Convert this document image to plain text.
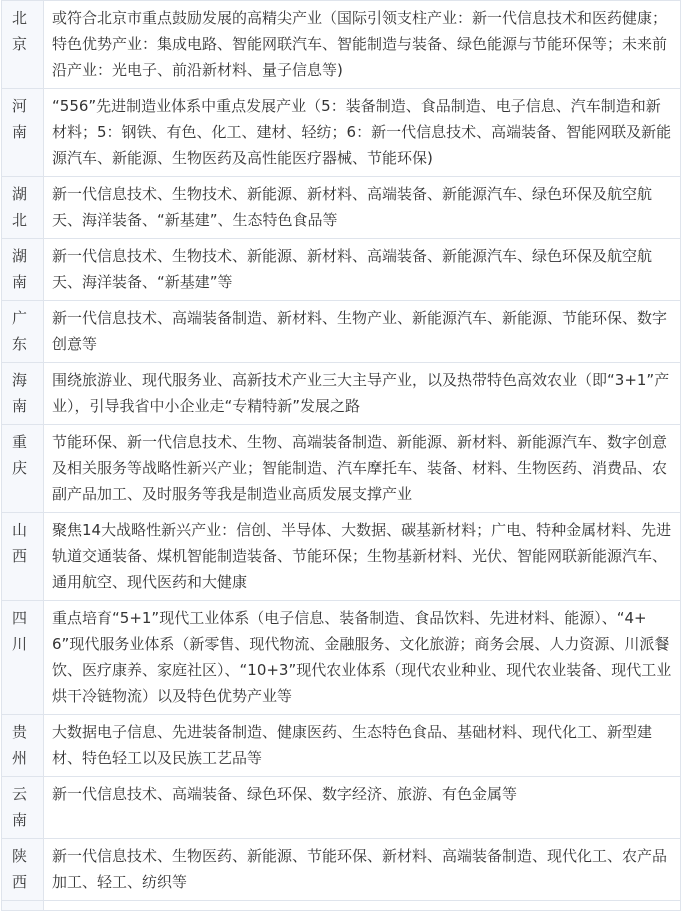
北京	或符合北京市重点鼓励发展的高精尖产业（国际引领支柱产业：新一代信息技术和医药健康；特色优势产业：集成电路、智能网联汽车、智能制造与装备、绿色能源与节能环保等；未来前沿产业：光电子、前沿新材料、量子信息等)

河南	“556”先进制造业体系中重点发展产业（5：装备制造、食品制造、电子信息、汽车制造和新材料；5：钢铁、有色、化工、建材、轻纺；6：新一代信息技术、高端装备、智能网联及新能源汽车、新能源、生物医药及高性能医疗器械、节能环保)

湖北	新一代信息技术、生物技术、新能源、新材料、高端装备、新能源汽车、绿色环保及航空航天、海洋装备、“新基建”、生态特色食品等

湖南	新一代信息技术、生物技术、新能源、新材料、高端装备、新能源汽车、绿色环保及航空航天、海洋装备、“新基建”等

广东	新一代信息技术、高端装备制造、新材料、生物产业、新能源汽车、新能源、节能环保、数字创意等

海南	围绕旅游业、现代服务业、高新技术产业三大主导产业，以及热带特色高效农业（即“3+1”产业），引导我省中小企业走“专精特新”发展之路

重庆	节能环保、新一代信息技术、生物、高端装备制造、新能源、新材料、新能源汽车、数字创意及相关服务等战略性新兴产业；智能制造、汽车摩托车、装备、材料、生物医药、消费品、农副产品加工、及时服务等我是制造业高质发展支撑产业

山西	聚焦14大战略性新兴产业：信创、半导体、大数据、碳基新材料；广电、特种金属材料、先进轨道交通装备、煤机智能制造装备、节能环保；生物基新材料、光伏、智能网联新能源汽车、通用航空、现代医药和大健康

四川	重点培育“5+1”现代工业体系（电子信息、装备制造、食品饮料、先进材料、能源）、“4+6”现代服务业体系（新零售、现代物流、金融服务、文化旅游；商务会展、人力资源、川派餐饮、医疗康养、家庭社区）、“10+3”现代农业体系（现代农业种业、现代农业装备、现代工业烘干冷链物流）以及特色优势产业等

贵州	大数据电子信息、先进装备制造、健康医药、生态特色食品、基础材料、现代化工、新型建材、特色轻工以及民族工艺品等

云南	新一代信息技术、高端装备、绿色环保、数字经济、旅游、有色金属等

陕西	新一代信息技术、生物医药、新能源、节能环保、新材料、高端装备制造、现代化工、农产品加工、轻工、纺织等
